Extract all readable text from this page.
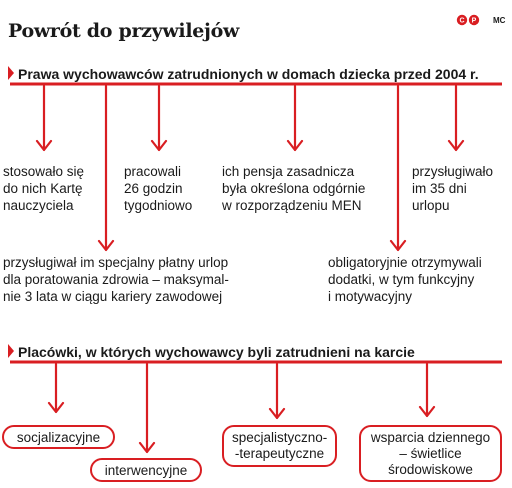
Powrót do przywilejów	C P MC
Prawa wychowawców zatrudnionych w domach dziecka przed 2004 r.
stosowało się
do nich Kartę
nauczyciela
pracowali
26 godzin
tygodniowo
ich pensja zasadnicza
była określona odgórnie
w rozporządzeniu MEN
przysługiwało
im 35 dni
urlopu
przysługiwał im specjalny płatny urlop
dla poratowania zdrowia – maksymal-
nie 3 lata w ciągu kariery zawodowej
obligatoryjnie otrzymywali
dodatki, w tym funkcyjny
i motywacyjny
Placówki, w których wychowawcy byli zatrudnieni na karcie
socjalizacyjne
interwencyjne
specjalistyczno-
-terapeutyczne
wsparcia dziennego
– świetlice
środowiskowe
